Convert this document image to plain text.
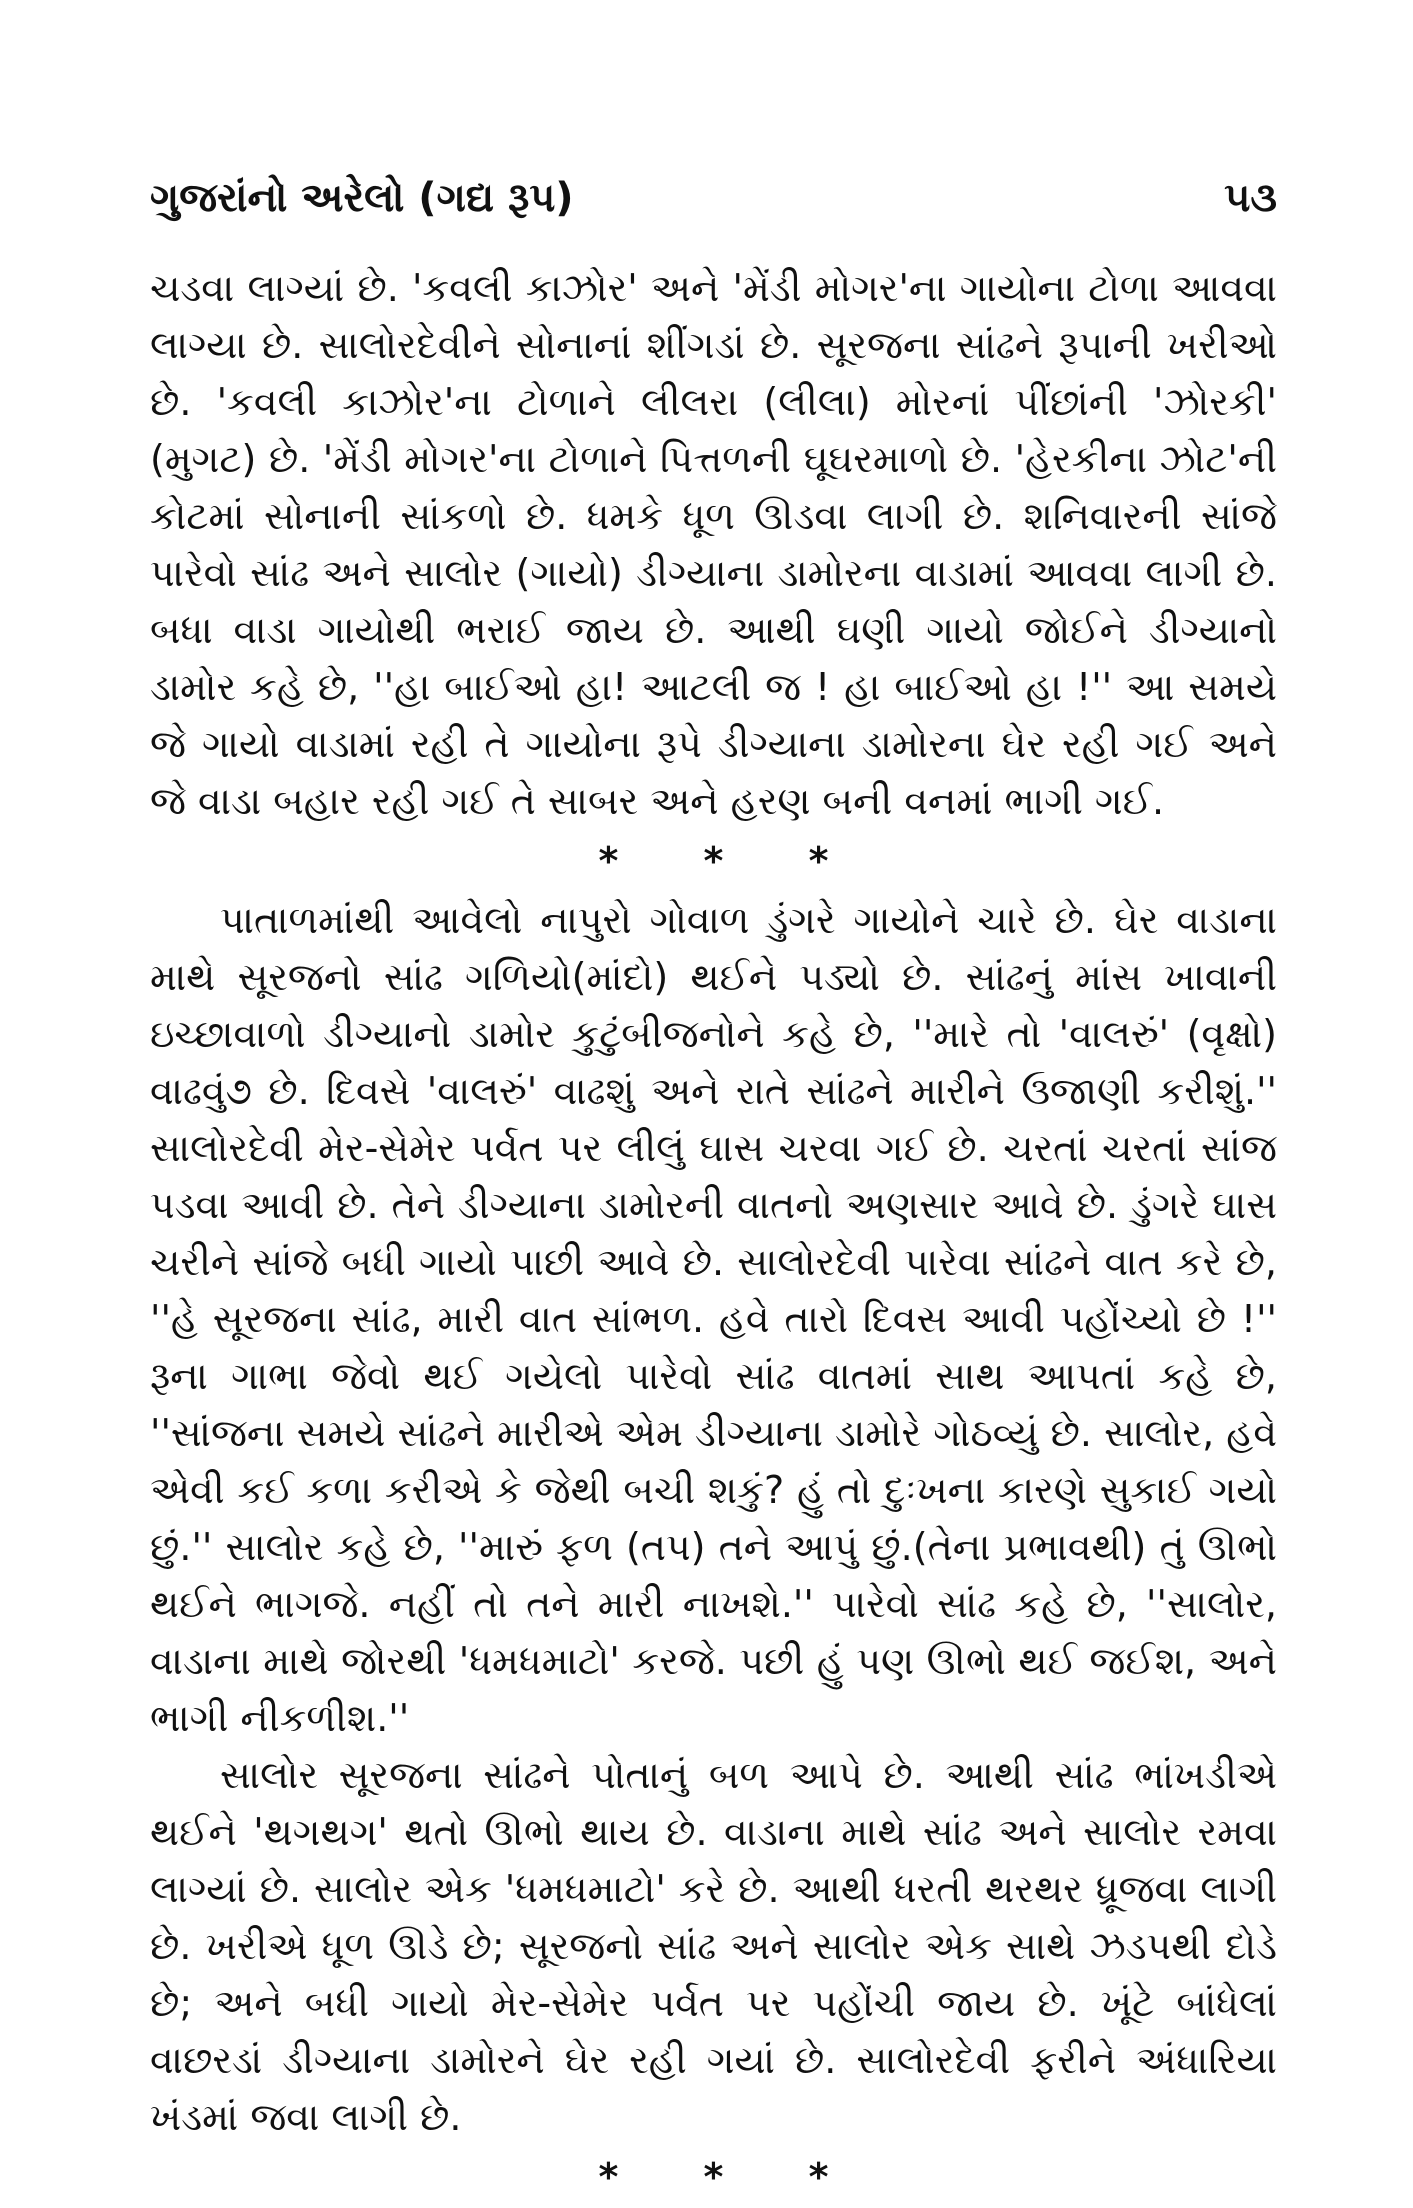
ગુજરાંનો અરેલો (ગદ્ય રૂપ)	૫૩

ચડવા લાગ્યાં છે. 'કવલી કાઝોર' અને 'મેંડી મોગર'ના ગાયોના ટોળા આવવા લાગ્યા છે. સાલોરદેવીને સોનાનાં શીંગડાં છે. સૂરજના સાંઢને રૂપાની ખરીઓ છે. 'કવલી કાઝોર'ના ટોળાને લીલરા (લીલા) મોરનાં પીંછાંની 'ઝોરકી' (મુગટ) છે. 'મેંડી મોગર'ના ટોળાને પિત્તળની ઘૂઘરમાળો છે. 'હેરકીના ઝોટ'ની કોટમાં સોનાની સાંકળો છે. ધમકે ધૂળ ઊડવા લાગી છે. શનિવારની સાંજે પારેવો સાંઢ અને સાલોર (ગાયો) ડીગ્યાના ડામોરના વાડામાં આવવા લાગી છે. બધા વાડા ગાયોથી ભરાઈ જાય છે. આથી ઘણી ગાયો જોઈને ડીગ્યાનો ડામોર કહે છે, ''હા બાઈઓ હા! આટલી જ ! હા બાઈઓ હા !'' આ સમયે જે ગાયો વાડામાં રહી તે ગાયોના રૂપે ડીગ્યાના ડામોરના ઘેર રહી ગઈ અને જે વાડા બહાર રહી ગઈ તે સાબર અને હરણ બની વનમાં ભાગી ગઈ.

* * *

પાતાળમાંથી આવેલો નાપુરો ગોવાળ ડુંગરે ગાયોને ચારે છે. ઘેર વાડાના માથે સૂરજનો સાંઢ ગળિયો(માંદો) થઈને પડ્યો છે. સાંઢનું માંસ ખાવાની ઇચ્છાવાળો ડીગ્યાનો ડામોર કુટુંબીજનોને કહે છે, ''મારે તો 'વાલરું' (વૃક્ષો) વાઢવું૭ છે. દિવસે 'વાલરું' વાઢશું અને રાતે સાંઢને મારીને ઉજાણી કરીશું.'' સાલોરદેવી મેર-સેમેર પર્વત પર લીલું ઘાસ ચરવા ગઈ છે. ચરતાં ચરતાં સાંજ પડવા આવી છે. તેને ડીગ્યાના ડામોરની વાતનો અણસાર આવે છે. ડુંગરે ઘાસ ચરીને સાંજે બધી ગાયો પાછી આવે છે. સાલોરદેવી પારેવા સાંઢને વાત કરે છે, ''હે સૂરજના સાંઢ, મારી વાત સાંભળ. હવે તારો દિવસ આવી પહોંચ્યો છે !'' રૂના ગાભા જેવો થઈ ગયેલો પારેવો સાંઢ વાતમાં સાથ આપતાં કહે છે, ''સાંજના સમયે સાંઢને મારીએ એમ ડીગ્યાના ડામોરે ગોઠવ્યું છે. સાલોર, હવે એવી કઈ કળા કરીએ કે જેથી બચી શકું? હું તો દુઃખના કારણે સુકાઈ ગયો છું.'' સાલોર કહે છે, ''મારું ફળ (તપ) તને આપું છું.(તેના પ્રભાવથી) તું ઊભો થઈને ભાગજે. નહીં તો તને મારી નાખશે.'' પારેવો સાંઢ કહે છે, ''સાલોર, વાડાના માથે જોરથી 'ધમધમાટો' કરજે. પછી હું પણ ઊભો થઈ જઈશ, અને ભાગી નીકળીશ.''

સાલોર સૂરજના સાંઢને પોતાનું બળ આપે છે. આથી સાંઢ ભાંખડીએ થઈને 'થગથગ' થતો ઊભો થાય છે. વાડાના માથે સાંઢ અને સાલોર રમવા લાગ્યાં છે. સાલોર એક 'ધમધમાટો' કરે છે. આથી ધરતી થરથર ધ્રૂજવા લાગી છે. ખરીએ ધૂળ ઊડે છે; સૂરજનો સાંઢ અને સાલોર એક સાથે ઝડપથી દોડે છે; અને બધી ગાયો મેર-સેમેર પર્વત પર પહોંચી જાય છે. ખૂંટે બાંધેલાં વાછરડાં ડીગ્યાના ડામોરને ઘેર રહી ગયાં છે. સાલોરદેવી ફરીને અંધારિયા ખંડમાં જવા લાગી છે.

* * *
